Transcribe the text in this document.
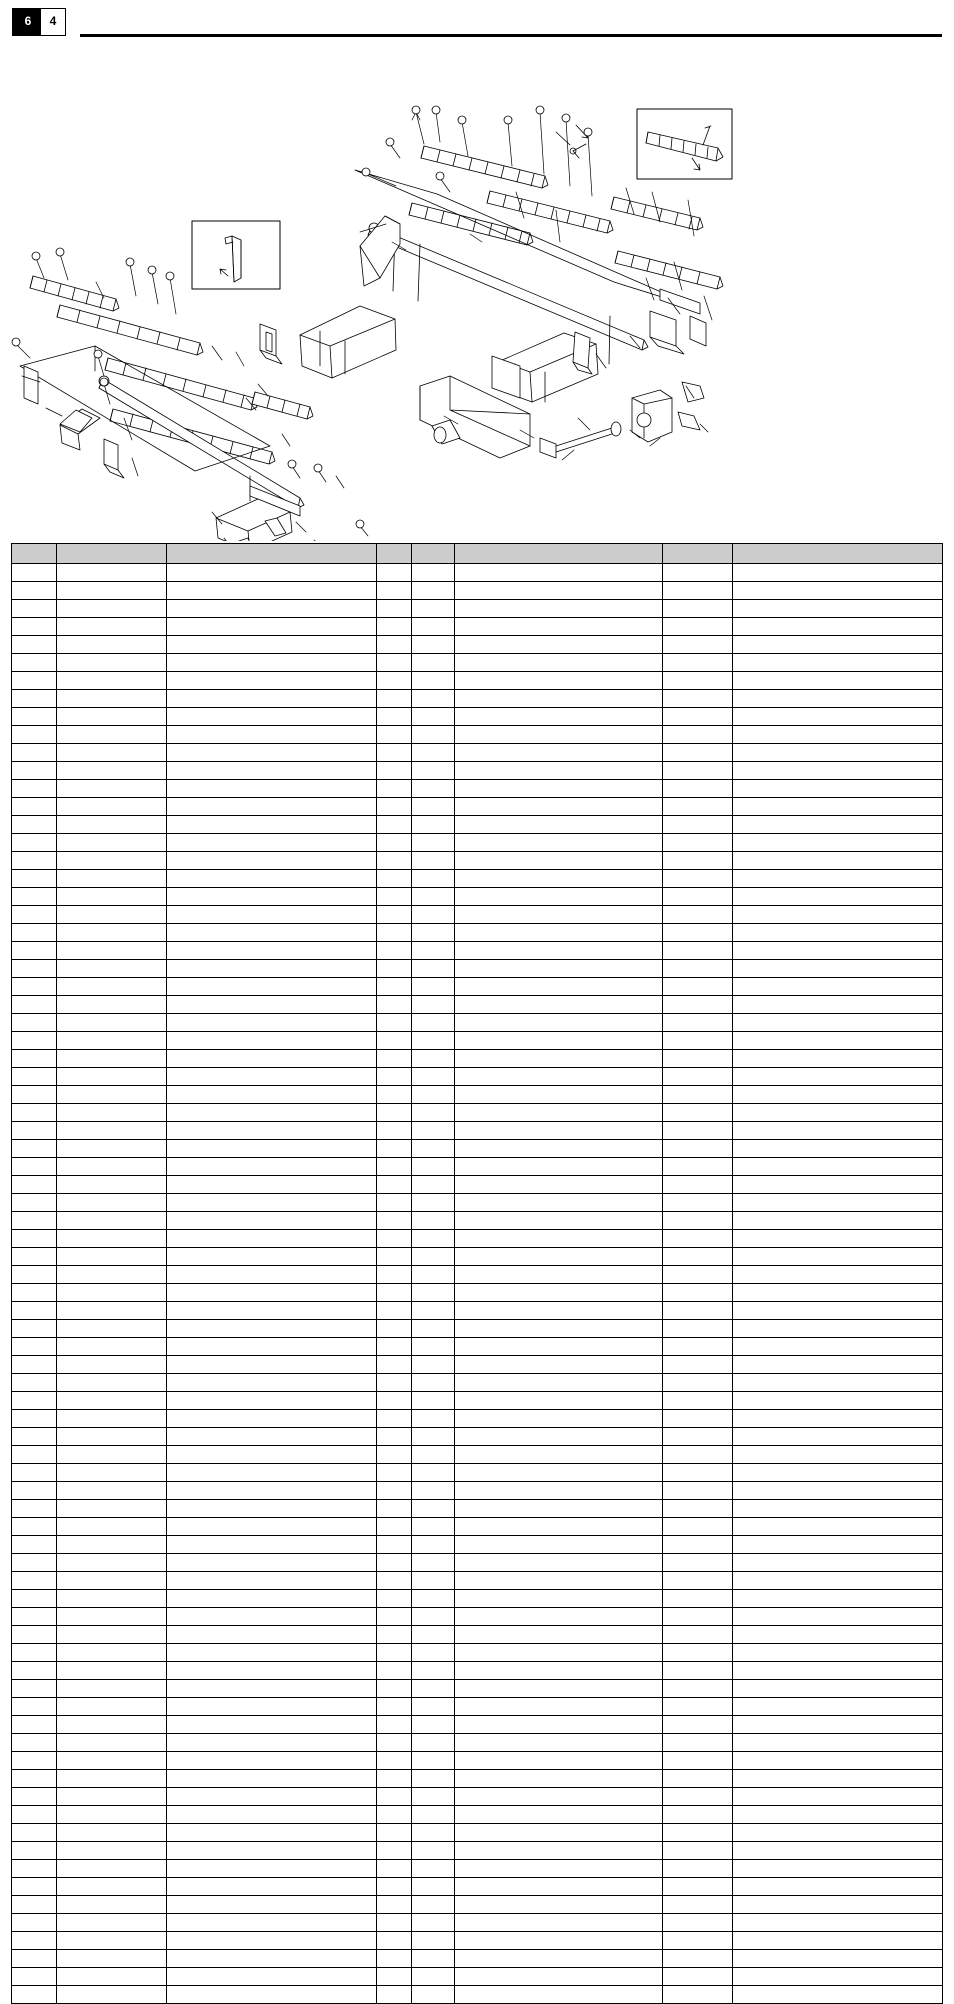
6	4
